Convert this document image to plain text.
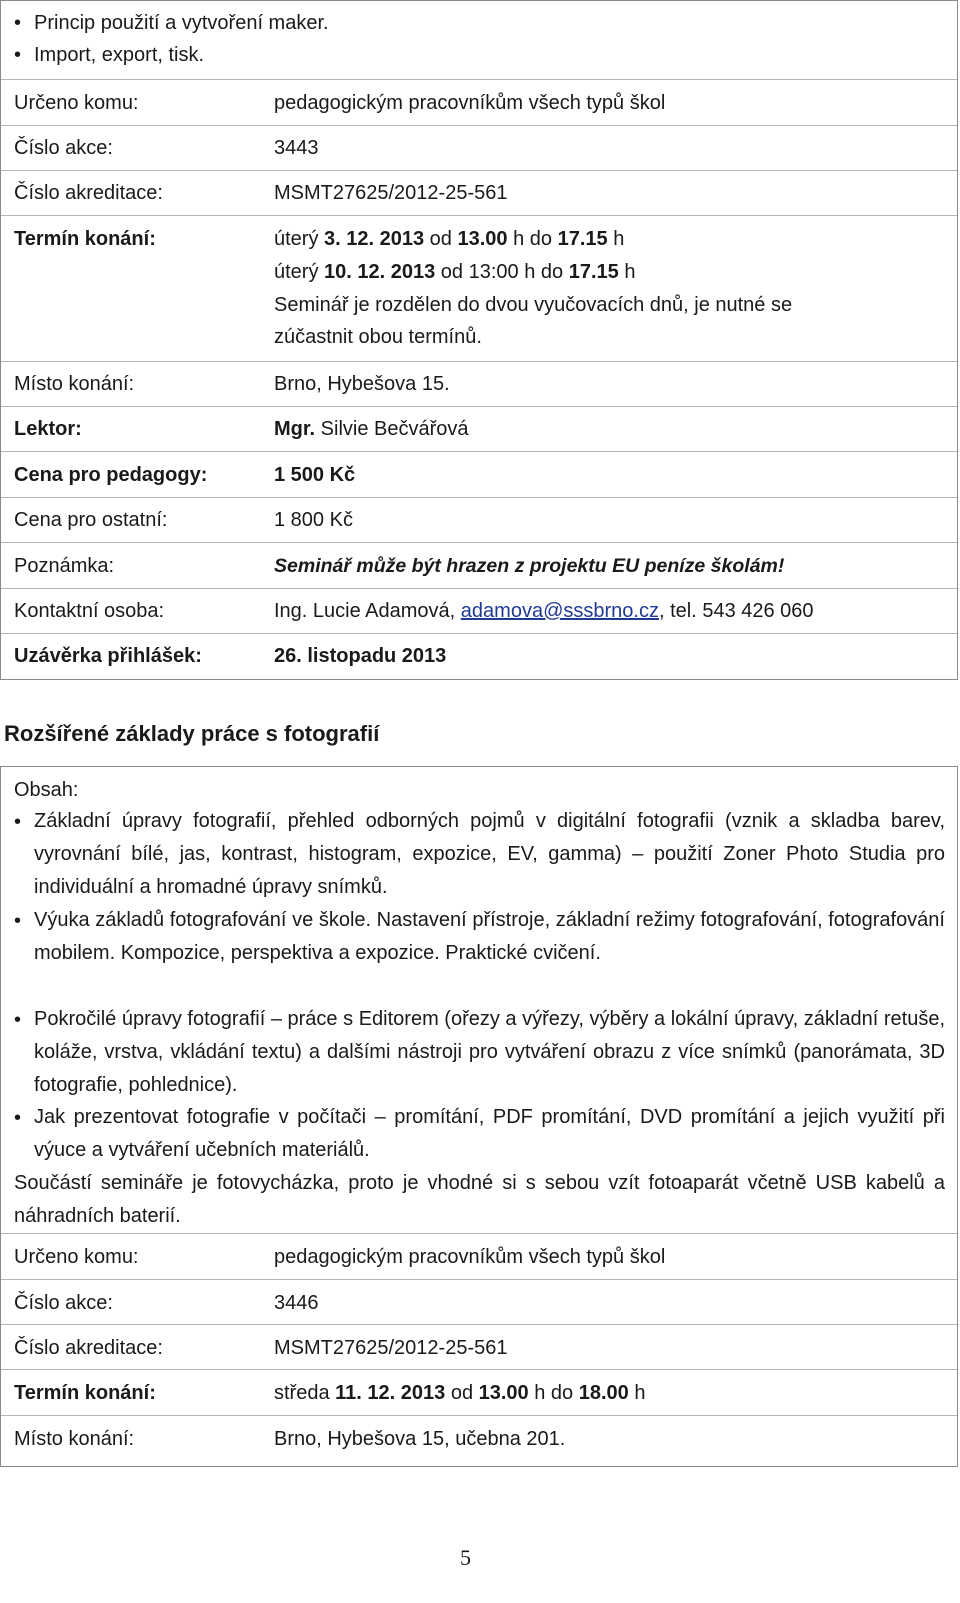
• Princip použití a vytvoření maker.
• Import, export, tisk.
Určeno komu:	pedagogickým pracovníkům všech typů škol
Číslo akce:	3443
Číslo akreditace:	MSMT27625/2012-25-561
Termín konání:	úterý 3. 12. 2013 od 13.00 h do 17.15 h
úterý 10. 12. 2013 od 13:00 h do 17.15 h
Seminář je rozdělen do dvou vyučovacích dnů, je nutné se
zúčastnit obou termínů.
Místo konání:	Brno, Hybešova 15.
Lektor:	Mgr. Silvie Bečvářová
Cena pro pedagogy:	1 500 Kč
Cena pro ostatní:	1 800 Kč
Poznámka:	Seminář může být hrazen z projektu EU peníze školám!
Kontaktní osoba:	Ing. Lucie Adamová, adamova@sssbrno.cz, tel. 543 426 060
Uzávěrka přihlášek:	26. listopadu 2013
Rozšířené základy práce s fotografií
Obsah:
• Základní úpravy fotografií, přehled odborných pojmů v digitální fotografii (vznik a skladba barev, vyrovnání bílé, jas, kontrast, histogram, expozice, EV, gamma) – použití Zoner Photo Studia pro individuální a hromadné úpravy snímků.
• Výuka základů fotografování ve škole. Nastavení přístroje, základní režimy fotografování, fotografování mobilem. Kompozice, perspektiva a expozice. Praktické cvičení.
• Pokročilé úpravy fotografií – práce s Editorem (ořezy a výřezy, výběry a lokální úpravy, základní retuše, koláže, vrstva, vkládání textu) a dalšími nástroji pro vytváření obrazu z více snímků (panorámata, 3D fotografie, pohlednice).
• Jak prezentovat fotografie v počítači – promítání, PDF promítání, DVD promítání a jejich využití při výuce a vytváření učebních materiálů.
Součástí semináře je fotovycházka, proto je vhodné si s sebou vzít fotoaparát včetně USB kabelů a náhradních baterií.
Určeno komu:	pedagogickým pracovníkům všech typů škol
Číslo akce:	3446
Číslo akreditace:	MSMT27625/2012-25-561
Termín konání:	středa 11. 12. 2013 od 13.00 h do 18.00 h
Místo konání:	Brno, Hybešova 15, učebna 201.
5
